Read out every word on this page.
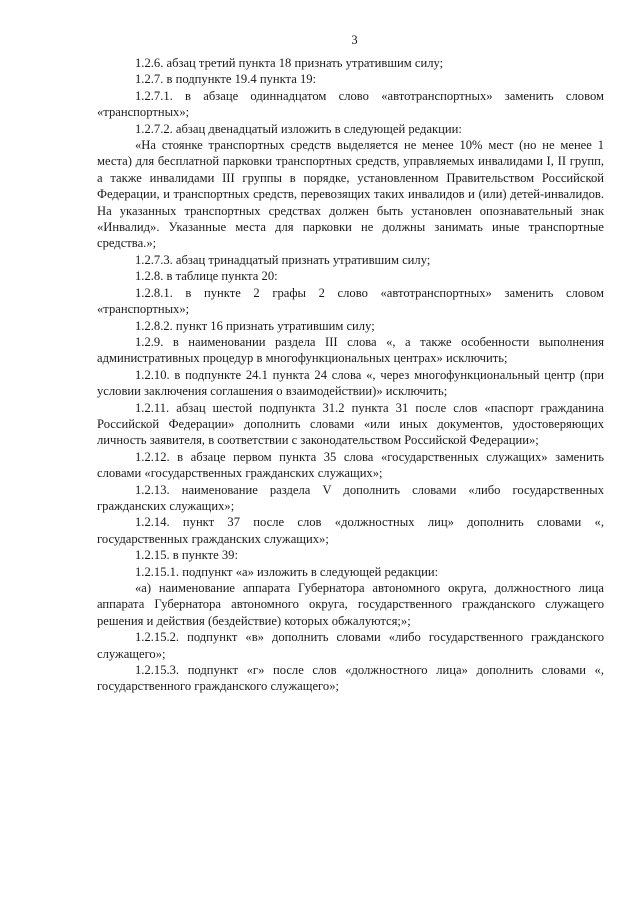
3

1.2.6. абзац третий пункта 18 признать утратившим силу;

1.2.7. в подпункте 19.4 пункта 19:

1.2.7.1. в абзаце одиннадцатом слово «автотранспортных» заменить словом «транспортных»;

1.2.7.2. абзац двенадцатый изложить в следующей редакции:

«На стоянке транспортных средств выделяется не менее 10% мест (но не менее 1 места) для бесплатной парковки транспортных средств, управляемых инвалидами I, II групп, а также инвалидами III группы в порядке, установленном Правительством Российской Федерации, и транспортных средств, перевозящих таких инвалидов и (или) детей-инвалидов. На указанных транспортных средствах должен быть установлен опознавательный знак «Инвалид». Указанные места для парковки не должны занимать иные транспортные средства.»;

1.2.7.3. абзац тринадцатый признать утратившим силу;

1.2.8. в таблице пункта 20:

1.2.8.1. в пункте 2 графы 2 слово «автотранспортных» заменить словом «транспортных»;

1.2.8.2. пункт 16 признать утратившим силу;

1.2.9. в наименовании раздела III слова «, а также особенности выполнения административных процедур в многофункциональных центрах» исключить;

1.2.10. в подпункте 24.1 пункта 24 слова «, через многофункциональный центр (при условии заключения соглашения о взаимодействии)» исключить;

1.2.11. абзац шестой подпункта 31.2 пункта 31 после слов «паспорт гражданина Российской Федерации» дополнить словами «или иных документов, удостоверяющих личность заявителя, в соответствии с законодательством Российской Федерации»;

1.2.12. в абзаце первом пункта 35 слова «государственных служащих» заменить словами «государственных гражданских служащих»;

1.2.13. наименование раздела V дополнить словами «либо государственных гражданских служащих»;

1.2.14. пункт 37 после слов «должностных лиц» дополнить словами «, государственных гражданских служащих»;

1.2.15. в пункте 39:

1.2.15.1. подпункт «а» изложить в следующей редакции:

«а) наименование аппарата Губернатора автономного округа, должностного лица аппарата Губернатора автономного округа, государственного гражданского служащего решения и действия (бездействие) которых обжалуются;»;

1.2.15.2. подпункт «в» дополнить словами «либо государственного гражданского служащего»;

1.2.15.3. подпункт «г» после слов «должностного лица» дополнить словами «, государственного гражданского служащего»;
